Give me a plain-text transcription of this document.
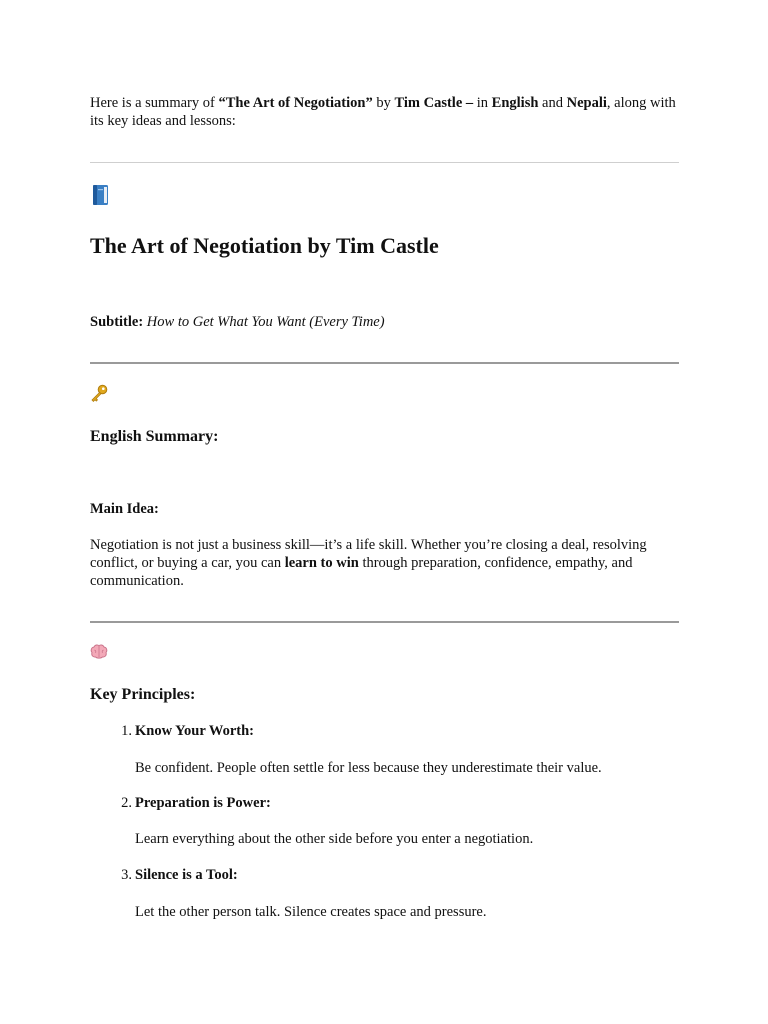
Here is a summary of “The Art of Negotiation” by Tim Castle – in English and Nepali, along with its key ideas and lessons:
The Art of Negotiation by Tim Castle
Subtitle: How to Get What You Want (Every Time)
English Summary:
Main Idea:
Negotiation is not just a business skill—it’s a life skill. Whether you’re closing a deal, resolving conflict, or buying a car, you can learn to win through preparation, confidence, empathy, and communication.
Key Principles:
1. Know Your Worth:
Be confident. People often settle for less because they underestimate their value.
2. Preparation is Power:
Learn everything about the other side before you enter a negotiation.
3. Silence is a Tool:
Let the other person talk. Silence creates space and pressure.
